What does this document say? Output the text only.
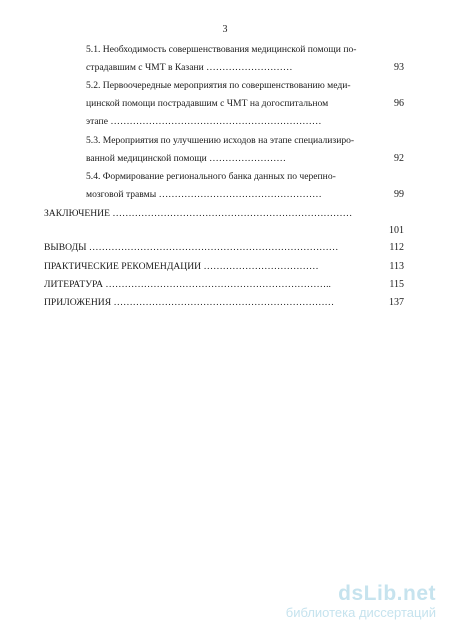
3
5.1. Необходимость совершенствования медицинской помощи по-
страдавшим с ЧМТ в Казани ………………………	93
5.2. Первоочередные мероприятия по совершенствованию меди-
цинской помощи пострадавшим с ЧМТ на догоспитальном	96
этапе …………………………………………………………
5.3. Мероприятия по улучшению исходов на этапе специализиро-
ванной медицинской помощи ……………………	92
5.4. Формирование регионального банка данных по черепно-
мозговой травмы ……………………………………………	99
ЗАКЛЮЧЕНИЕ …………………………………………………………………
101
ВЫВОДЫ ……………………………………………………………………	112
ПРАКТИЧЕСКИЕ РЕКОМЕНДАЦИИ ………………………………	113
ЛИТЕРАТУРА ……………………………………………………………..	115
ПРИЛОЖЕНИЯ ……………………………………………………………	137
dsLib.net
библиотека диссертаций
